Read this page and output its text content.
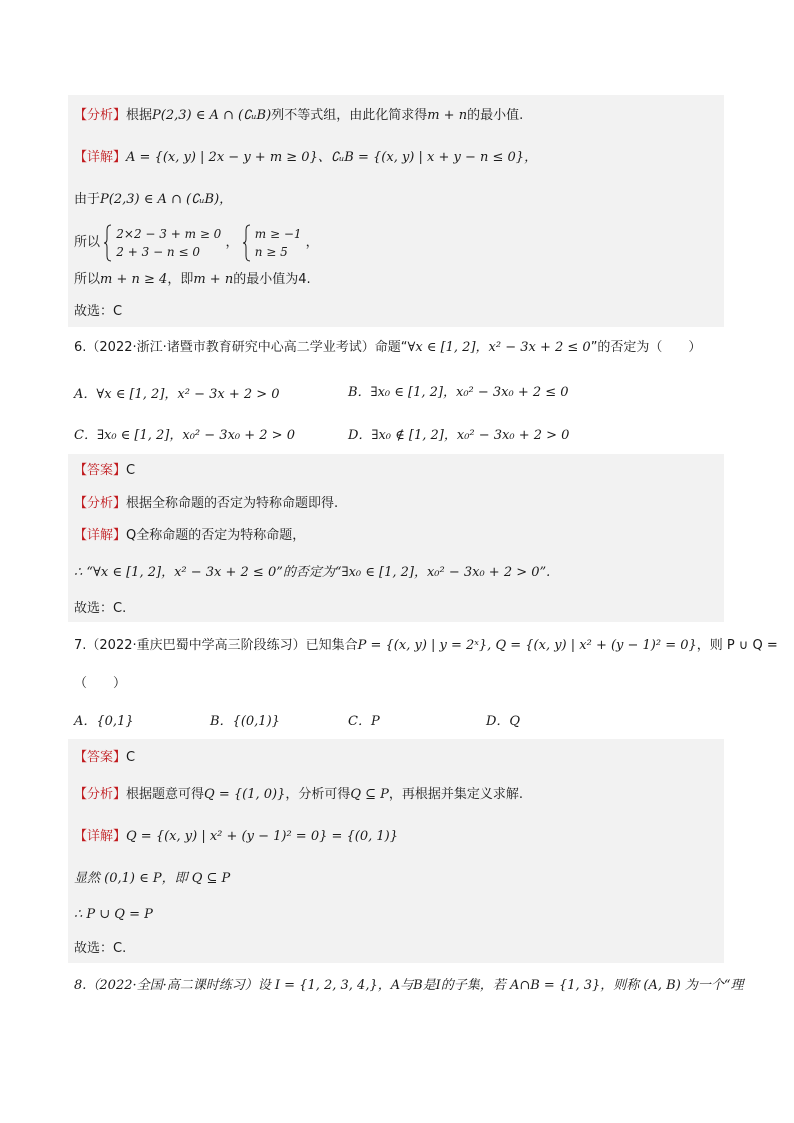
【分析】根据P(2,3) ∈ A ∩ (∁ᵤB)列不等式组，由此化简求得m + n的最小值.
【详解】A = {(x, y) | 2x − y + m ≥ 0}、∁ᵤB = {(x, y) | x + y − n ≤ 0}，
由于P(2,3) ∈ A ∩ (∁ᵤB)，
所以  2×2 − 3 + m ≥ 0
2 + 3 − n ≤ 0 ，  m ≥ −1
n ≥ 5 ，
所以m + n ≥ 4，即m + n的最小值为4.
故选：C
6.（2022·浙江·诸暨市教育研究中心高二学业考试）命题“∀x ∈ [1, 2]，x² − 3x + 2 ≤ 0”的否定为（　　）
A．∀x ∈ [1, 2]，x² − 3x + 2 > 0	B．∃x₀ ∈ [1, 2]，x₀² − 3x₀ + 2 ≤ 0
C．∃x₀ ∈ [1, 2]，x₀² − 3x₀ + 2 > 0	D．∃x₀ ∉ [1, 2]，x₀² − 3x₀ + 2 > 0
【答案】C
【分析】根据全称命题的否定为特称命题即得.
【详解】Q全称命题的否定为特称命题，
∴ “∀x ∈ [1, 2]，x² − 3x + 2 ≤ 0”的否定为“∃x₀ ∈ [1, 2]，x₀² − 3x₀ + 2 > 0”.
故选：C.
7.（2022·重庆巴蜀中学高三阶段练习）已知集合P = {(x, y) | y = 2ˣ}, Q = {(x, y) | x² + (y − 1)² = 0}，则 P ∪ Q =
（　　）
A．{0,1}	B．{(0,1)}	C．P	D．Q
【答案】C
【分析】根据题意可得Q = {(1, 0)}，分析可得Q ⊆ P，再根据并集定义求解.
【详解】Q = {(x, y) | x² + (y − 1)² = 0} = {(0, 1)}
显然 (0,1) ∈ P，即 Q ⊆ P
∴ P ∪ Q = P
故选：C.
8.（2022·全国·高二课时练习）设 I = {1, 2, 3, 4,}，A与B是I的子集，若 A∩B = {1, 3}，则称 (A, B) 为一个“理
